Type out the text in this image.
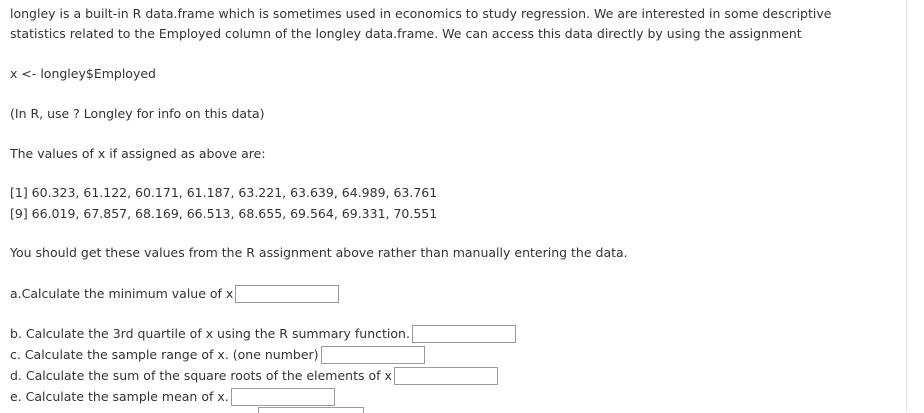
longley is a built-in R data.frame which is sometimes used in economics to study regression. We are interested in some descriptive
statistics related to the Employed column of the longley data.frame. We can access this data directly by using the assignment
x <- longley$Employed
(In R, use ? Longley for info on this data)
The values of x if assigned as above are:
[1] 60.323, 61.122, 60.171, 61.187, 63.221, 63.639, 64.989, 63.761
[9] 66.019, 67.857, 68.169, 66.513, 68.655, 69.564, 69.331, 70.551
You should get these values from the R assignment above rather than manually entering the data.
a.Calculate the minimum value of x
b. Calculate the 3rd quartile of x using the R summary function.
c. Calculate the sample range of x. (one number)
d. Calculate the sum of the square roots of the elements of x
e. Calculate the sample mean of x.
